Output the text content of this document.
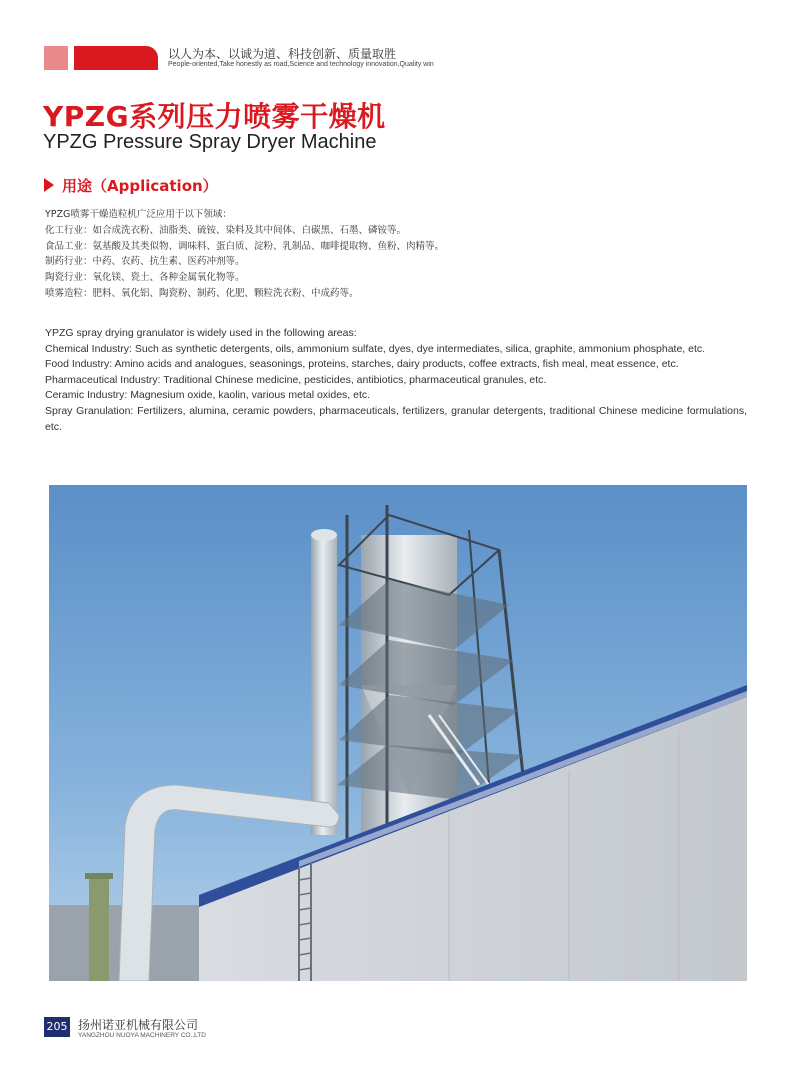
以人为本、以诚为道、科技创新、质量取胜
People-oriented,Take honestly as road,Science and technology innovation,Quality win
YPZG系列压力喷雾干燥机
YPZG Pressure Spray Dryer Machine
用途（Application）
YPZG喷雾干燥造粒机广泛应用于以下领域：
化工行业：如合成洗衣粉、油脂类、硫铵、染料及其中间体、白碳黑、石墨、磷铵等。
食品工业：氨基酸及其类似物、调味料、蛋白质、淀粉、乳制品、咖啡提取物、鱼粉、肉精等。
制药行业：中药、农药、抗生素、医药冲剂等。
陶瓷行业：氧化镁、瓷土、各种金属氧化物等。
喷雾造粒：肥料、氧化铝、陶瓷粉、制药、化肥、颗粒洗衣粉、中成药等。

YPZG spray drying granulator is widely used in the following areas:

Chemical Industry: Such as synthetic detergents, oils, ammonium sulfate, dyes, dye intermediates, silica, graphite, ammonium phosphate, etc.

Food Industry: Amino acids and analogues, seasonings, proteins, starches, dairy products, coffee extracts, fish meal, meat essence, etc.

Pharmaceutical Industry: Traditional Chinese medicine, pesticides, antibiotics, pharmaceutical granules, etc.

Ceramic Industry: Magnesium oxide, kaolin, various metal oxides, etc.

Spray Granulation: Fertilizers, alumina, ceramic powders, pharmaceuticals, fertilizers, granular detergents, traditional Chinese medicine formulations, etc.

205 扬州诺亚机械有限公司
YANGZHOU NUOYA MACHINERY CO.,LTD
